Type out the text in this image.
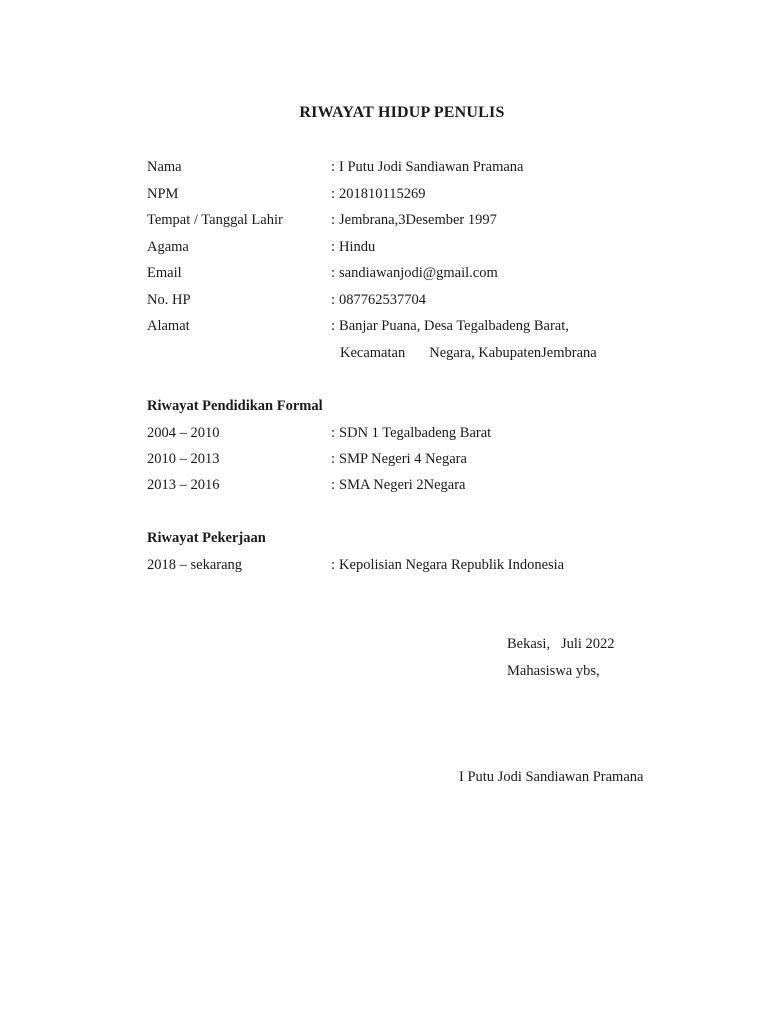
RIWAYAT HIDUP PENULIS
Nama	: I Putu Jodi Sandiawan Pramana
NPM	: 201810115269
Tempat / Tanggal Lahir	: Jembrana,3Desember 1997
Agama	: Hindu
Email	: sandiawanjodi@gmail.com
No. HP	: 087762537704
Alamat	: Banjar Puana, Desa Tegalbadeng Barat,
Kecamatan Negara, KabupatenJembrana
Riwayat Pendidikan Formal
2004 – 2010	: SDN 1 Tegalbadeng Barat
2010 – 2013	: SMP Negeri 4 Negara
2013 – 2016	: SMA Negeri 2Negara
Riwayat Pekerjaan
2018 – sekarang	: Kepolisian Negara Republik Indonesia
Bekasi,   Juli 2022
Mahasiswa ybs,
I Putu Jodi Sandiawan Pramana
